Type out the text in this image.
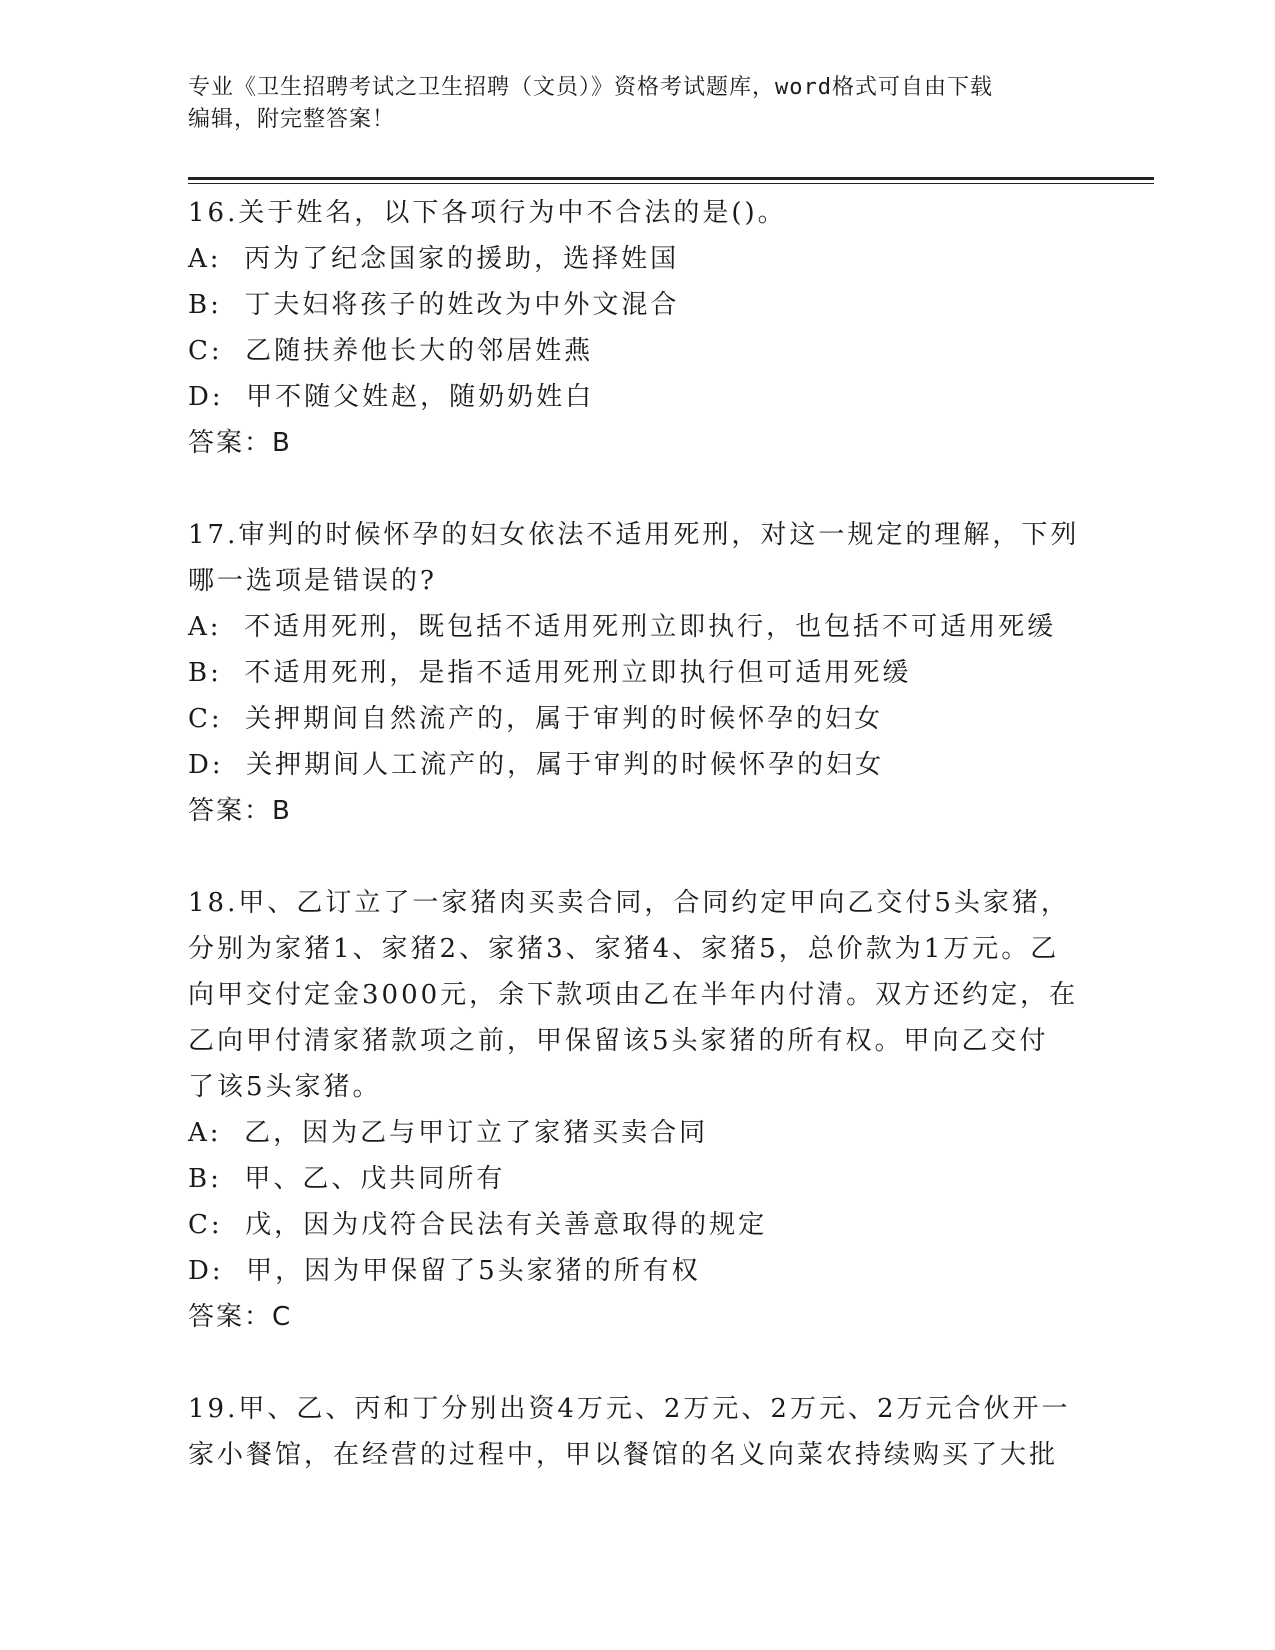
专业《卫生招聘考试之卫生招聘（文员）》资格考试题库，word格式可自由下载
编辑，附完整答案！
16.关于姓名，以下各项行为中不合法的是()。
A:  丙为了纪念国家的援助，选择姓国
B:  丁夫妇将孩子的姓改为中外文混合
C:  乙随扶养他长大的邻居姓燕
D:  甲不随父姓赵，随奶奶姓白
答案：B
17.审判的时候怀孕的妇女依法不适用死刑，对这一规定的理解，下列
哪一选项是错误的?
A:  不适用死刑，既包括不适用死刑立即执行，也包括不可适用死缓
B:  不适用死刑，是指不适用死刑立即执行但可适用死缓
C:  关押期间自然流产的，属于审判的时候怀孕的妇女
D:  关押期间人工流产的，属于审判的时候怀孕的妇女
答案：B
18.甲、乙订立了一家猪肉买卖合同，合同约定甲向乙交付5头家猪，
分别为家猪1、家猪2、家猪3、家猪4、家猪5，总价款为1万元。乙
向甲交付定金3000元，余下款项由乙在半年内付清。双方还约定，在
乙向甲付清家猪款项之前，甲保留该5头家猪的所有权。甲向乙交付
了该5头家猪。
A:  乙，因为乙与甲订立了家猪买卖合同
B:  甲、乙、戊共同所有
C:  戊，因为戊符合民法有关善意取得的规定
D:  甲，因为甲保留了5头家猪的所有权
答案：C
19.甲、乙、丙和丁分别出资4万元、2万元、2万元、2万元合伙开一
家小餐馆，在经营的过程中，甲以餐馆的名义向菜农持续购买了大批
